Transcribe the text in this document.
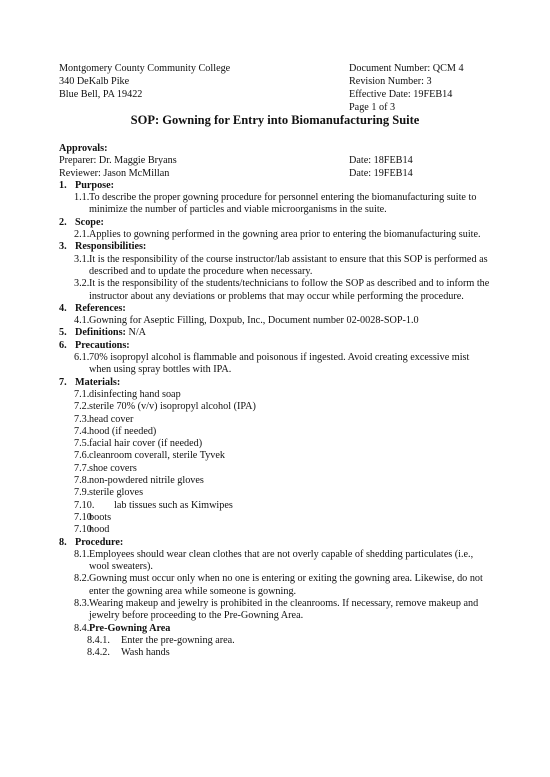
Montgomery County Community College	Document Number: QCM 4
340 DeKalb Pike	Revision Number: 3
Blue Bell, PA 19422	Effective Date: 19FEB14
Page 1 of 3
SOP: Gowning for Entry into Biomanufacturing Suite
Approvals:
Preparer: Dr. Maggie Bryans	Date: 18FEB14
Reviewer: Jason McMillan	Date: 19FEB14
1. Purpose:
1.1. To describe the proper gowning procedure for personnel entering the biomanufacturing suite to minimize the number of particles and viable microorganisms in the suite.
2. Scope:
2.1. Applies to gowning performed in the gowning area prior to entering the biomanufacturing suite.
3. Responsibilities:
3.1. It is the responsibility of the course instructor/lab assistant to ensure that this SOP is performed as described and to update the procedure when necessary.
3.2. It is the responsibility of the students/technicians to follow the SOP as described and to inform the instructor about any deviations or problems that may occur while performing the procedure.
4. References:
4.1. Gowning for Aseptic Filling, Doxpub, Inc., Document number 02-0028-SOP-1.0
5. Definitions: N/A
6. Precautions:
6.1. 70% isopropyl alcohol is flammable and poisonous if ingested. Avoid creating excessive mist when using spray bottles with IPA.
7. Materials:
7.1. disinfecting hand soap
7.2. sterile 70% (v/v) isopropyl alcohol (IPA)
7.3. head cover
7.4. hood (if needed)
7.5. facial hair cover (if needed)
7.6. cleanroom coverall, sterile Tyvek
7.7. shoe covers
7.8. non-powdered nitrile gloves
7.9. sterile gloves
7.10.	lab tissues such as Kimwipes
7.10
boots
7.10
hood
8. Procedure:
8.1. Employees should wear clean clothes that are not overly capable of shedding particulates (i.e., wool sweaters).
8.2. Gowning must occur only when no one is entering or exiting the gowning area. Likewise, do not enter the gowning area while someone is gowning.
8.3. Wearing makeup and jewelry is prohibited in the cleanrooms. If necessary, remove makeup and jewelry before proceeding to the Pre-Gowning Area.
8.4. Pre-Gowning Area
8.4.1.	Enter the pre-gowning area.
8.4.2.	Wash hands
